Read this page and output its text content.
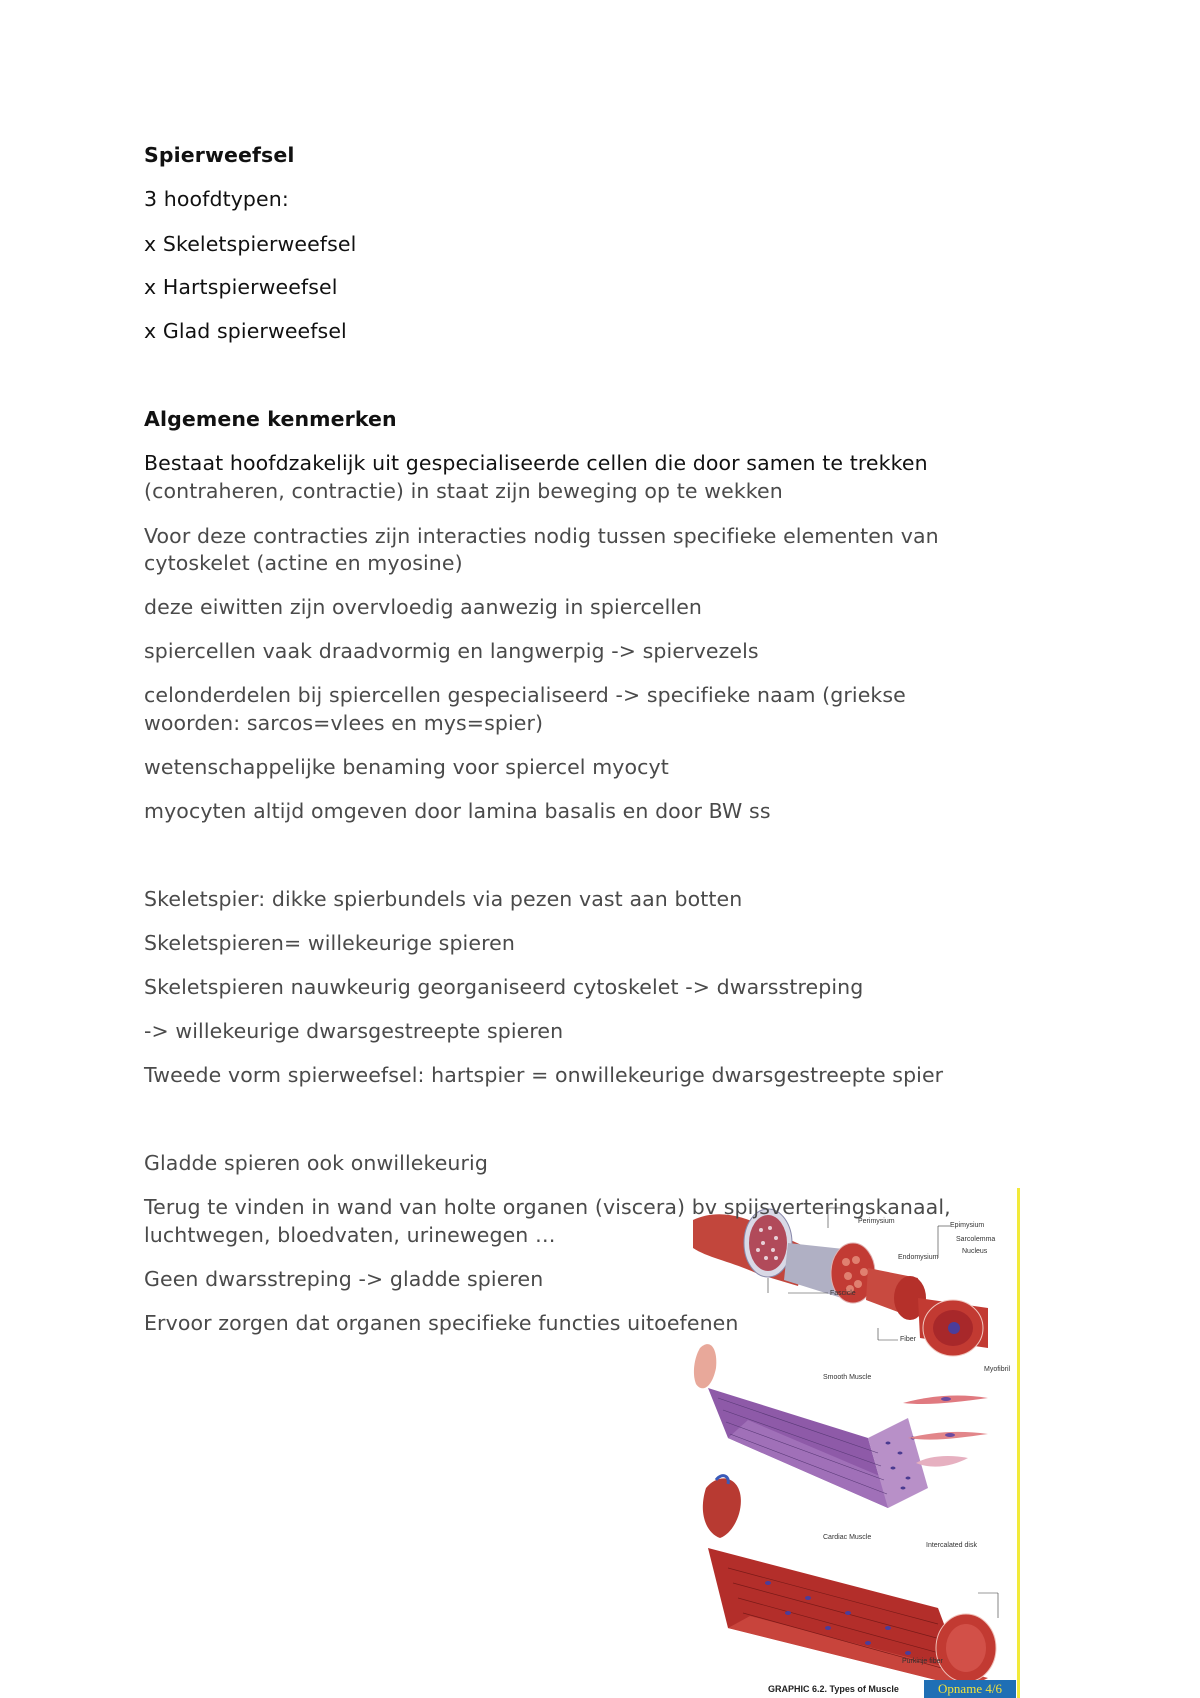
Spierweefsel
3 hoofdtypen:
x Skeletspierweefsel
x Hartspierweefsel
x Glad spierweefsel
Algemene kenmerken
Bestaat hoofdzakelijk uit gespecialiseerde cellen die door samen te trekken
(contraheren, contractie) in staat zijn beweging op te wekken
Voor deze contracties zijn interacties nodig tussen specifieke elementen van
cytoskelet (actine en myosine)
deze eiwitten zijn overvloedig aanwezig in spiercellen
spiercellen vaak draadvormig en langwerpig -> spiervezels
celonderdelen bij spiercellen gespecialiseerd -> specifieke naam (griekse
woorden: sarcos=vlees en mys=spier)
wetenschappelijke benaming voor spiercel myocyt
myocyten altijd omgeven door lamina basalis en door BW ss
Skeletspier: dikke spierbundels via pezen vast aan botten
Skeletspieren= willekeurige spieren
Skeletspieren nauwkeurig georganiseerd cytoskelet -> dwarsstreping
-> willekeurige dwarsgestreepte spieren
Tweede vorm spierweefsel: hartspier = onwillekeurige dwarsgestreepte spier
Gladde spieren ook onwillekeurig
Perimysium
Epimysium
Endomysium
Sarcolemma
Nucleus
Fascicle
Fiber
Myofibril
Smooth Muscle
Cardiac Muscle
Intercalated disk
Purkinje fiber
GRAPHIC 6.2. Types of Muscle	Opname 4/6
Terug te vinden in wand van holte organen (viscera) bv spijsverteringskanaal,
luchtwegen, bloedvaten, urinewegen …
Geen dwarsstreping -> gladde spieren
Ervoor zorgen dat organen specifieke functies uitoefenen
